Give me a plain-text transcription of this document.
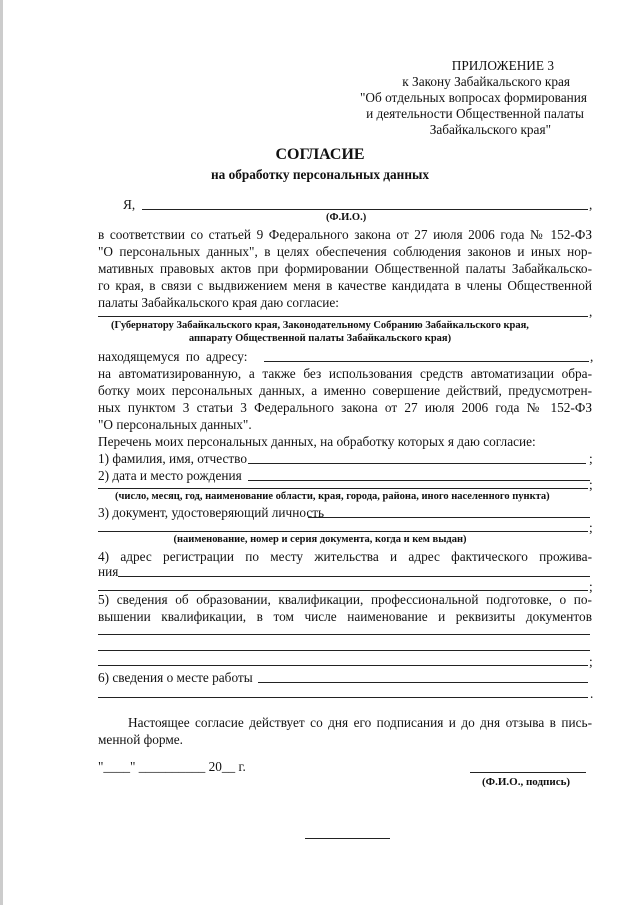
ПРИЛОЖЕНИЕ 3
к Закону Забайкальского края
"Об отдельных вопросах формирования
и деятельности Общественной палаты
Забайкальского края"
СОГЛАСИЕ
на обработку персональных данных
Я,	,
(Ф.И.О.)
в соответствии со статьей 9 Федерального закона от 27 июля 2006 года № 152-ФЗ
"О персональных данных", в целях обеспечения соблюдения законов и иных нор-
мативных правовых актов при формировании Общественной палаты Забайкальско-
го края, в связи с выдвижением меня в качестве кандидата в члены Общественной
палаты Забайкальского края даю согласие:
,
(Губернатору Забайкальского края, Законодательному Собранию Забайкальского края,
аппарату Общественной палаты Забайкальского края)
находящемуся по адресу:	,
на автоматизированную, а также без использования средств автоматизации обра-
ботку моих персональных данных, а именно совершение действий, предусмотрен-
ных пунктом 3 статьи 3 Федерального закона от 27 июля 2006 года № 152-ФЗ
"О персональных данных".
Перечень моих персональных данных, на обработку которых я даю согласие:
1) фамилия, имя, отчество	;
2) дата и место рождения
;
(число, месяц, год, наименование области, края, города, района, иного населенного пункта)
3) документ, удостоверяющий личность
;
(наименование, номер и серия документа, когда и кем выдан)
4) адрес регистрации по месту жительства и адрес фактического прожива-
ния
;
5) сведения об образовании, квалификации, профессиональной подготовке, о по-
вышении квалификации, в том числе наименование и реквизиты документов
;
6) сведения о месте работы
.
Настоящее согласие действует со дня его подписания и до дня отзыва в пись-
менной форме.
"____" __________ 20__ г.
(Ф.И.О., подпись)
